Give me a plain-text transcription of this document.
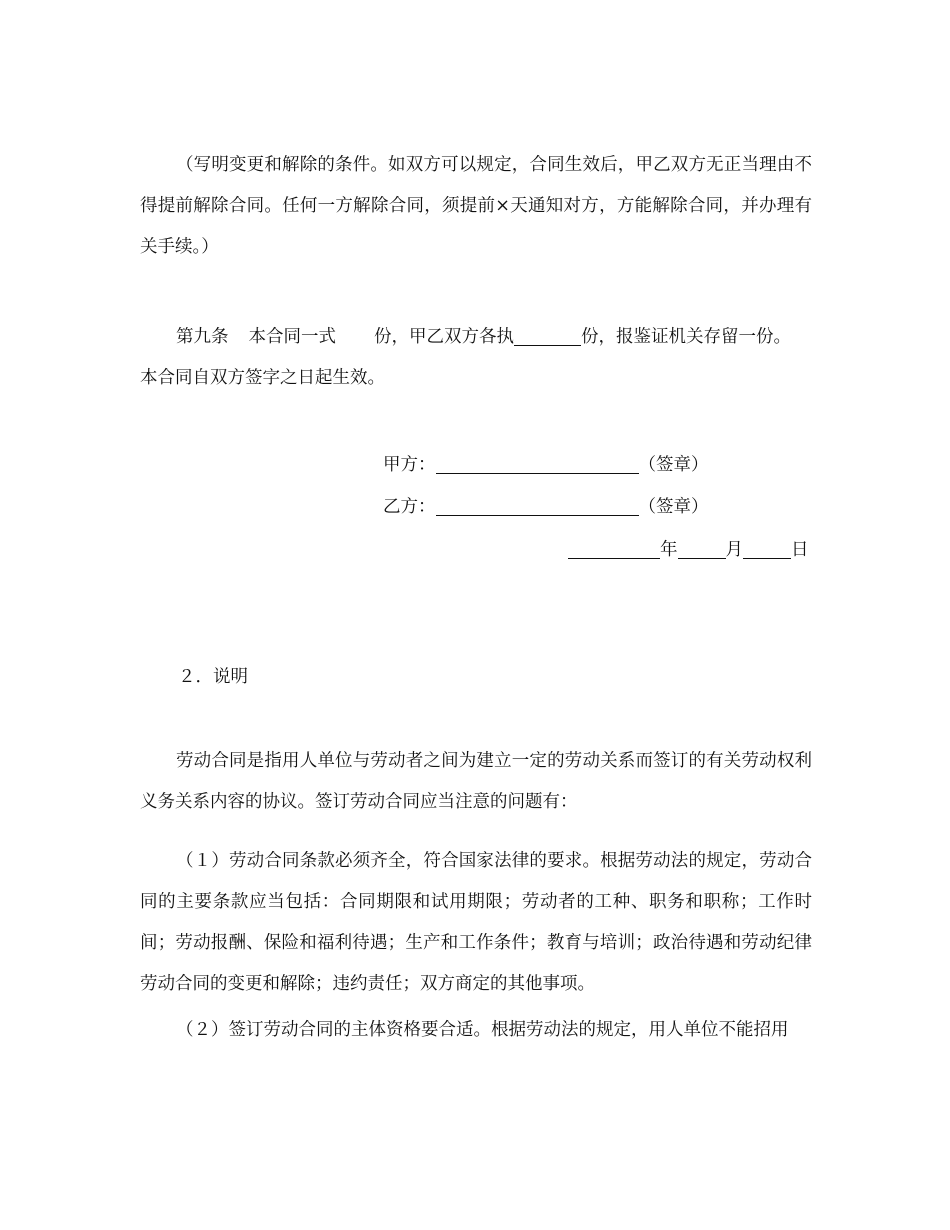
（写明变更和解除的条件。如双方可以规定，合同生效后，甲乙双方无正当理由不得提前解除合同。任何一方解除合同，须提前×天通知对方，方能解除合同，并办理有关手续。）

第九条 本合同一式 份，甲乙双方各执	份，报鉴证机关存留一份。

本合同自双方签字之日起生效。

甲方：	（签章）
乙方：	（签章）
年	月	日
２．说明

劳动合同是指用人单位与劳动者之间为建立一定的劳动关系而签订的有关劳动权利义务关系内容的协议。签订劳动合同应当注意的问题有：

（１）劳动合同条款必须齐全，符合国家法律的要求。根据劳动法的规定，劳动合同的主要条款应当包括：合同期限和试用期限；劳动者的工种、职务和职称；工作时间；劳动报酬、保险和福利待遇；生产和工作条件；教育与培训；政治待遇和劳动纪律劳动合同的变更和解除；违约责任；双方商定的其他事项。

（２）签订劳动合同的主体资格要合适。根据劳动法的规定，用人单位不能招用
